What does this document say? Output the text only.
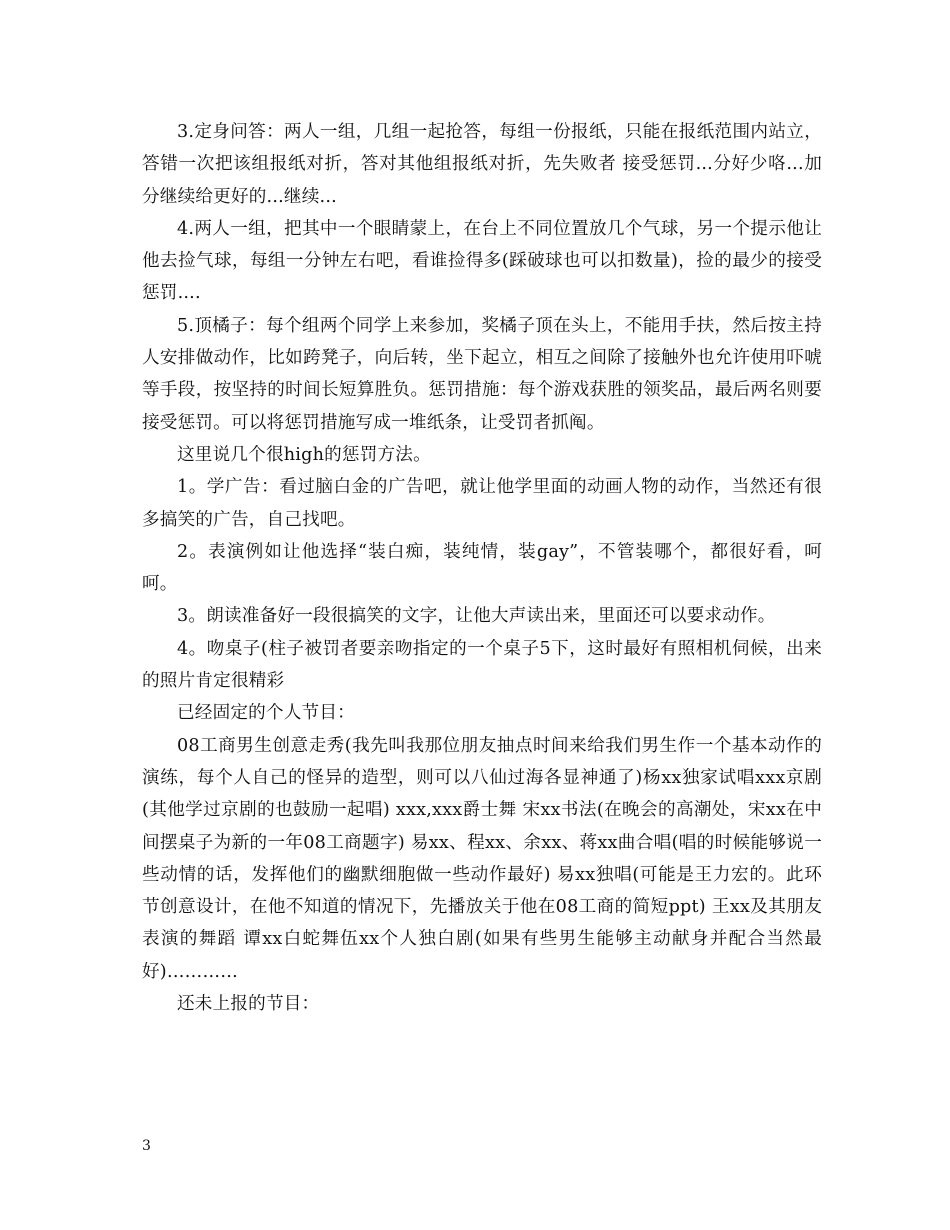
3.定身问答：两人一组，几组一起抢答，每组一份报纸，只能在报纸范围内站立，答错一次把该组报纸对折，答对其他组报纸对折，先失败者 接受惩罚...分好少咯...加分继续给更好的...继续...

4.两人一组，把其中一个眼睛蒙上，在台上不同位置放几个气球，另一个提示他让他去捡气球，每组一分钟左右吧，看谁捡得多(踩破球也可以扣数量)，捡的最少的接受惩罚....

5.顶橘子：每个组两个同学上来参加，奖橘子顶在头上，不能用手扶，然后按主持人安排做动作，比如跨凳子，向后转，坐下起立，相互之间除了接触外也允许使用吓唬等手段，按坚持的时间长短算胜负。惩罚措施：每个游戏获胜的领奖品，最后两名则要接受惩罚。可以将惩罚措施写成一堆纸条，让受罚者抓阄。

这里说几个很high的惩罚方法。

1。学广告：看过脑白金的广告吧，就让他学里面的动画人物的动作，当然还有很多搞笑的广告，自己找吧。

2。表演例如让他选择“装白痴，装纯情，装gay”，不管装哪个，都很好看，呵呵。

3。朗读准备好一段很搞笑的文字，让他大声读出来，里面还可以要求动作。

4。吻桌子(柱子被罚者要亲吻指定的一个桌子5下，这时最好有照相机伺候，出来的照片肯定很精彩

已经固定的个人节目：

08工商男生创意走秀(我先叫我那位朋友抽点时间来给我们男生作一个基本动作的演练，每个人自己的怪异的造型，则可以八仙过海各显神通了)杨xx独家试唱xxx京剧(其他学过京剧的也鼓励一起唱) xxx,xxx爵士舞 宋xx书法(在晚会的高潮处，宋xx在中间摆桌子为新的一年08工商题字) 易xx、程xx、余xx、蒋xx曲合唱(唱的时候能够说一些动情的话，发挥他们的幽默细胞做一些动作最好) 易xx独唱(可能是王力宏的。此环节创意设计，在他不知道的情况下，先播放关于他在08工商的简短ppt) 王xx及其朋友表演的舞蹈 谭xx白蛇舞伍xx个人独白剧(如果有些男生能够主动献身并配合当然最好)…………

还未上报的节目：

3
